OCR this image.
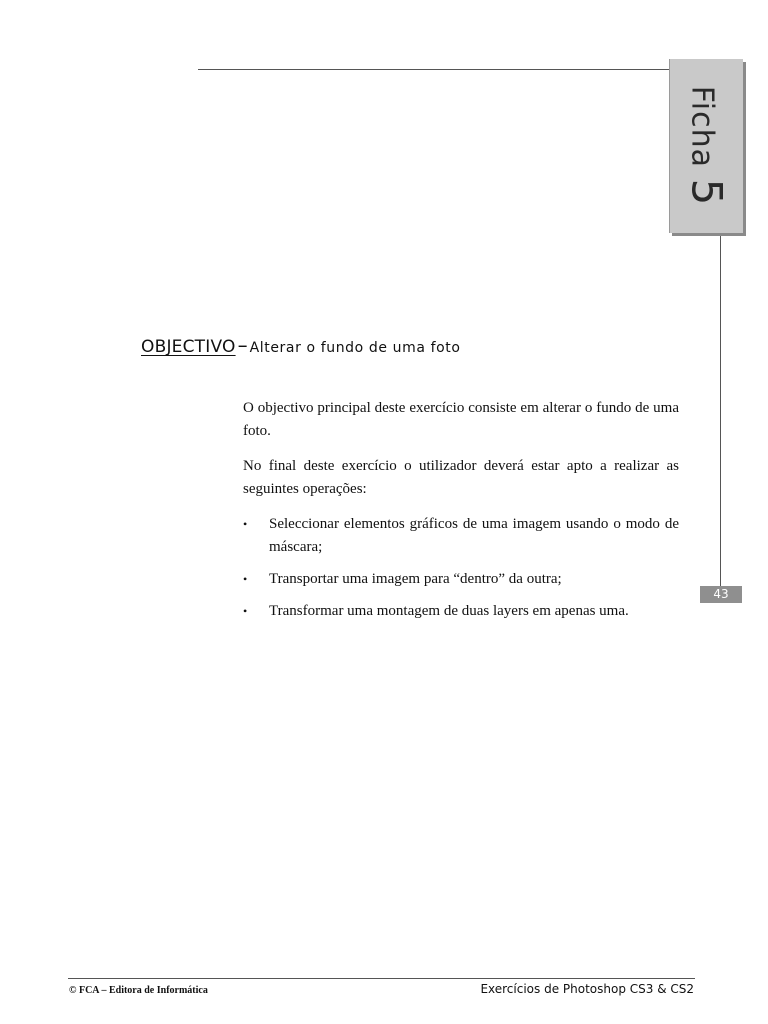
Ficha 5
43
OBJECTIVO – Alterar o fundo de uma foto

O objectivo principal deste exercício consiste em alterar o fundo de uma foto.

No final deste exercício o utilizador deverá estar apto a realizar as seguintes operações:

• Seleccionar elementos gráficos de uma imagem usando o modo de máscara;
• Transportar uma imagem para “dentro” da outra;
• Transformar uma montagem de duas layers em apenas uma.
© FCA – Editora de Informática	Exercícios de Photoshop CS3 & CS2
